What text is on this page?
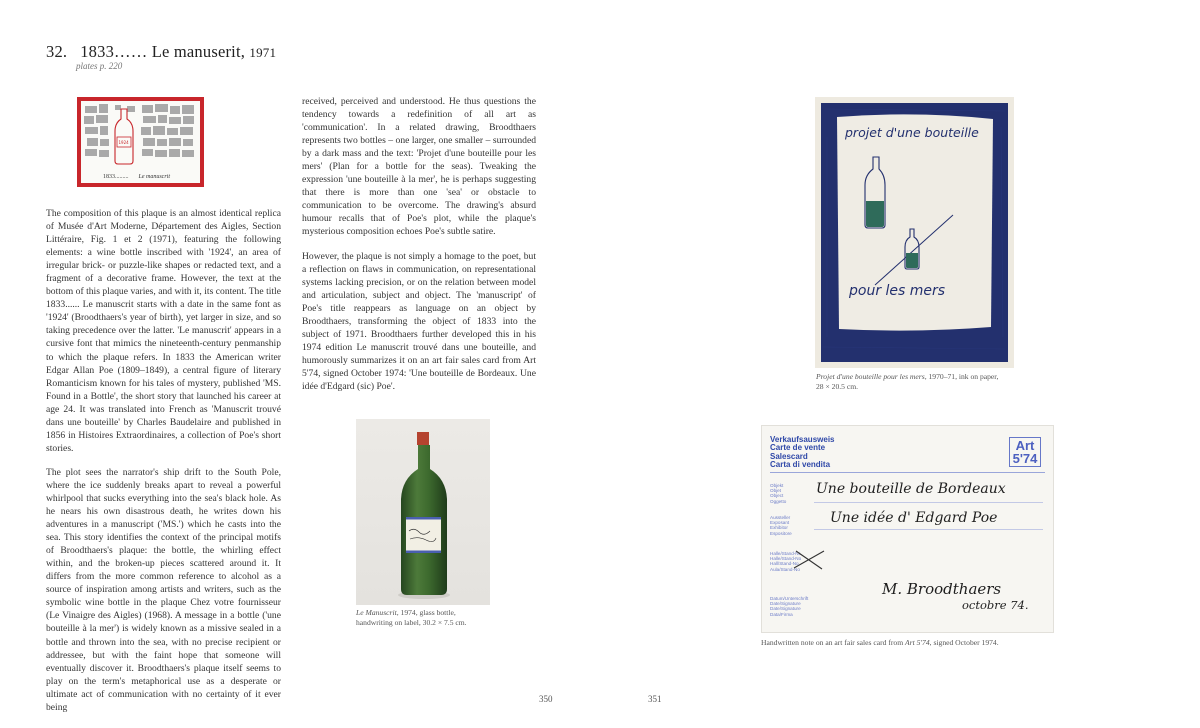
32. 1833…… Le manuserit, 1971
plates p. 220
1924
1833......... Le manuscrit

The composition of this plaque is an almost identical replica of Musée d'Art Moderne, Département des Aigles, Section Littéraire, Fig. 1 et 2 (1971), featuring the following elements: a wine bottle inscribed with '1924', an area of irregular brick- or puzzle-like shapes or redacted text, and a fragment of a decorative frame. However, the text at the bottom of this plaque varies, and with it, its content. The title 1833...... Le manuscrit starts with a date in the same font as '1924' (Broodthaers's year of birth), yet larger in size, and so taking precedence over the latter. 'Le manuscrit' appears in a cursive font that mimics the nineteenth-century penmanship to which the plaque refers. In 1833 the American writer Edgar Allan Poe (1809–1849), a central figure of literary Romanticism known for his tales of mystery, published 'MS. Found in a Bottle', the short story that launched his career at age 24. It was translated into French as 'Manuscrit trouvé dans une bouteille' by Charles Baudelaire and published in 1856 in Histoires Extraordinaires, a collection of Poe's short stories.

The plot sees the narrator's ship drift to the South Pole, where the ice suddenly breaks apart to reveal a powerful whirlpool that sucks everything into the sea's black hole. As he nears his own disastrous death, he writes down his adventures in a manuscript ('MS.') which he casts into the sea. This story identifies the context of the principal motifs of Broodthaers's plaque: the bottle, the whirling effect within, and the broken-up pieces scattered around it. It differs from the more common reference to alcohol as a source of inspiration among artists and writers, such as the symbolic wine bottle in the plaque Chez votre fournisseur (Le Vinaigre des Aigles) (1968). A message in a bottle ('une bouteille à la mer') is widely known as a missive sealed in a bottle and thrown into the sea, with no precise recipient or addressee, but with the faint hope that someone will eventually discover it. Broodthaers's plaque itself seems to play on the term's metaphorical use as a desperate or ultimate act of communication with no certainty of it ever being

received, perceived and understood. He thus questions the tendency towards a redefinition of all art as 'communication'. In a related drawing, Broodthaers represents two bottles – one larger, one smaller – surrounded by a dark mass and the text: 'Projet d'une bouteille pour les mers' (Plan for a bottle for the seas). Tweaking the expression 'une bouteille à la mer', he is perhaps suggesting that there is more than one 'sea' or obstacle to communication to be overcome. The drawing's absurd humour recalls that of Poe's plot, while the plaque's mysterious composition echoes Poe's subtle satire.

However, the plaque is not simply a homage to the poet, but a reflection on flaws in communication, on representational systems lacking precision, or on the relation between model and articulation, subject and object. The 'manuscript' of Poe's title reappears as language on an object by Broodthaers, transforming the object of 1833 into the subject of 1971. Broodthaers further developed this in his 1974 edition Le manuscrit trouvé dans une bouteille, and humorously summarizes it on an art fair sales card from Art 5'74, signed October 1974: 'Une bouteille de Bordeaux. Une idée d'Edgard (sic) Poe'.

Le Manuscrit, 1974, glass bottle,
handwriting on label, 30.2 × 7.5 cm.
projet d'une bouteille
pour les mers
Projet d'une bouteille pour les mers, 1970–71, ink on paper,
28 × 20.5 cm.
Verkaufsausweis
Carte de vente
Salescard
Carta di vendita
Art
5'74
Objekt
Objet
Object
Oggetto
Une bouteille de Bordeaux
Une idée d' Edgard Poe
Aussteller
Exposant
Exhibitor
Espositore
Halle/Stand-Nr.
Halle/Stand-No
Hall/Stand-No
Aula/Stand-No
Datum/Unterschrift
Date/Signature
Date/Signature
Data/Firma
M. Broodthaers
octobre 74.
Handwritten note on an art fair sales card from Art 5'74, signed October 1974.
350	351
